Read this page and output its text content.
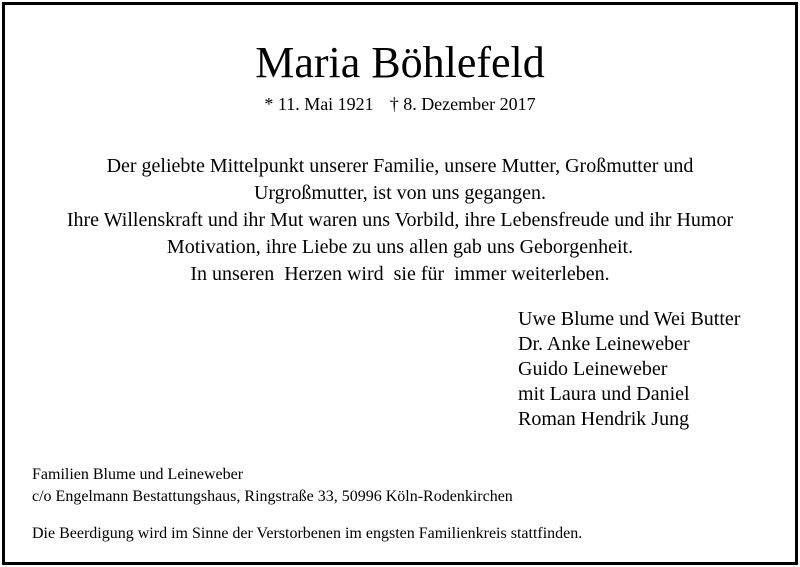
Maria Böhlefeld
* 11. Mai 1921 † 8. Dezember 2017
Der geliebte Mittelpunkt unserer Familie, unsere Mutter, Großmutter und
Urgroßmutter, ist von uns gegangen.
Ihre Willenskraft und ihr Mut waren uns Vorbild, ihre Lebensfreude und ihr Humor
Motivation, ihre Liebe zu uns allen gab uns Geborgenheit.
In unseren  Herzen wird  sie für  immer weiterleben.
Uwe Blume und Wei Butter
Dr. Anke Leineweber
Guido Leineweber
mit Laura und Daniel
Roman Hendrik Jung
Familien Blume und Leineweber
c/o Engelmann Bestattungshaus, Ringstraße 33, 50996 Köln-Rodenkirchen
Die Beerdigung wird im Sinne der Verstorbenen im engsten Familienkreis stattfinden.
